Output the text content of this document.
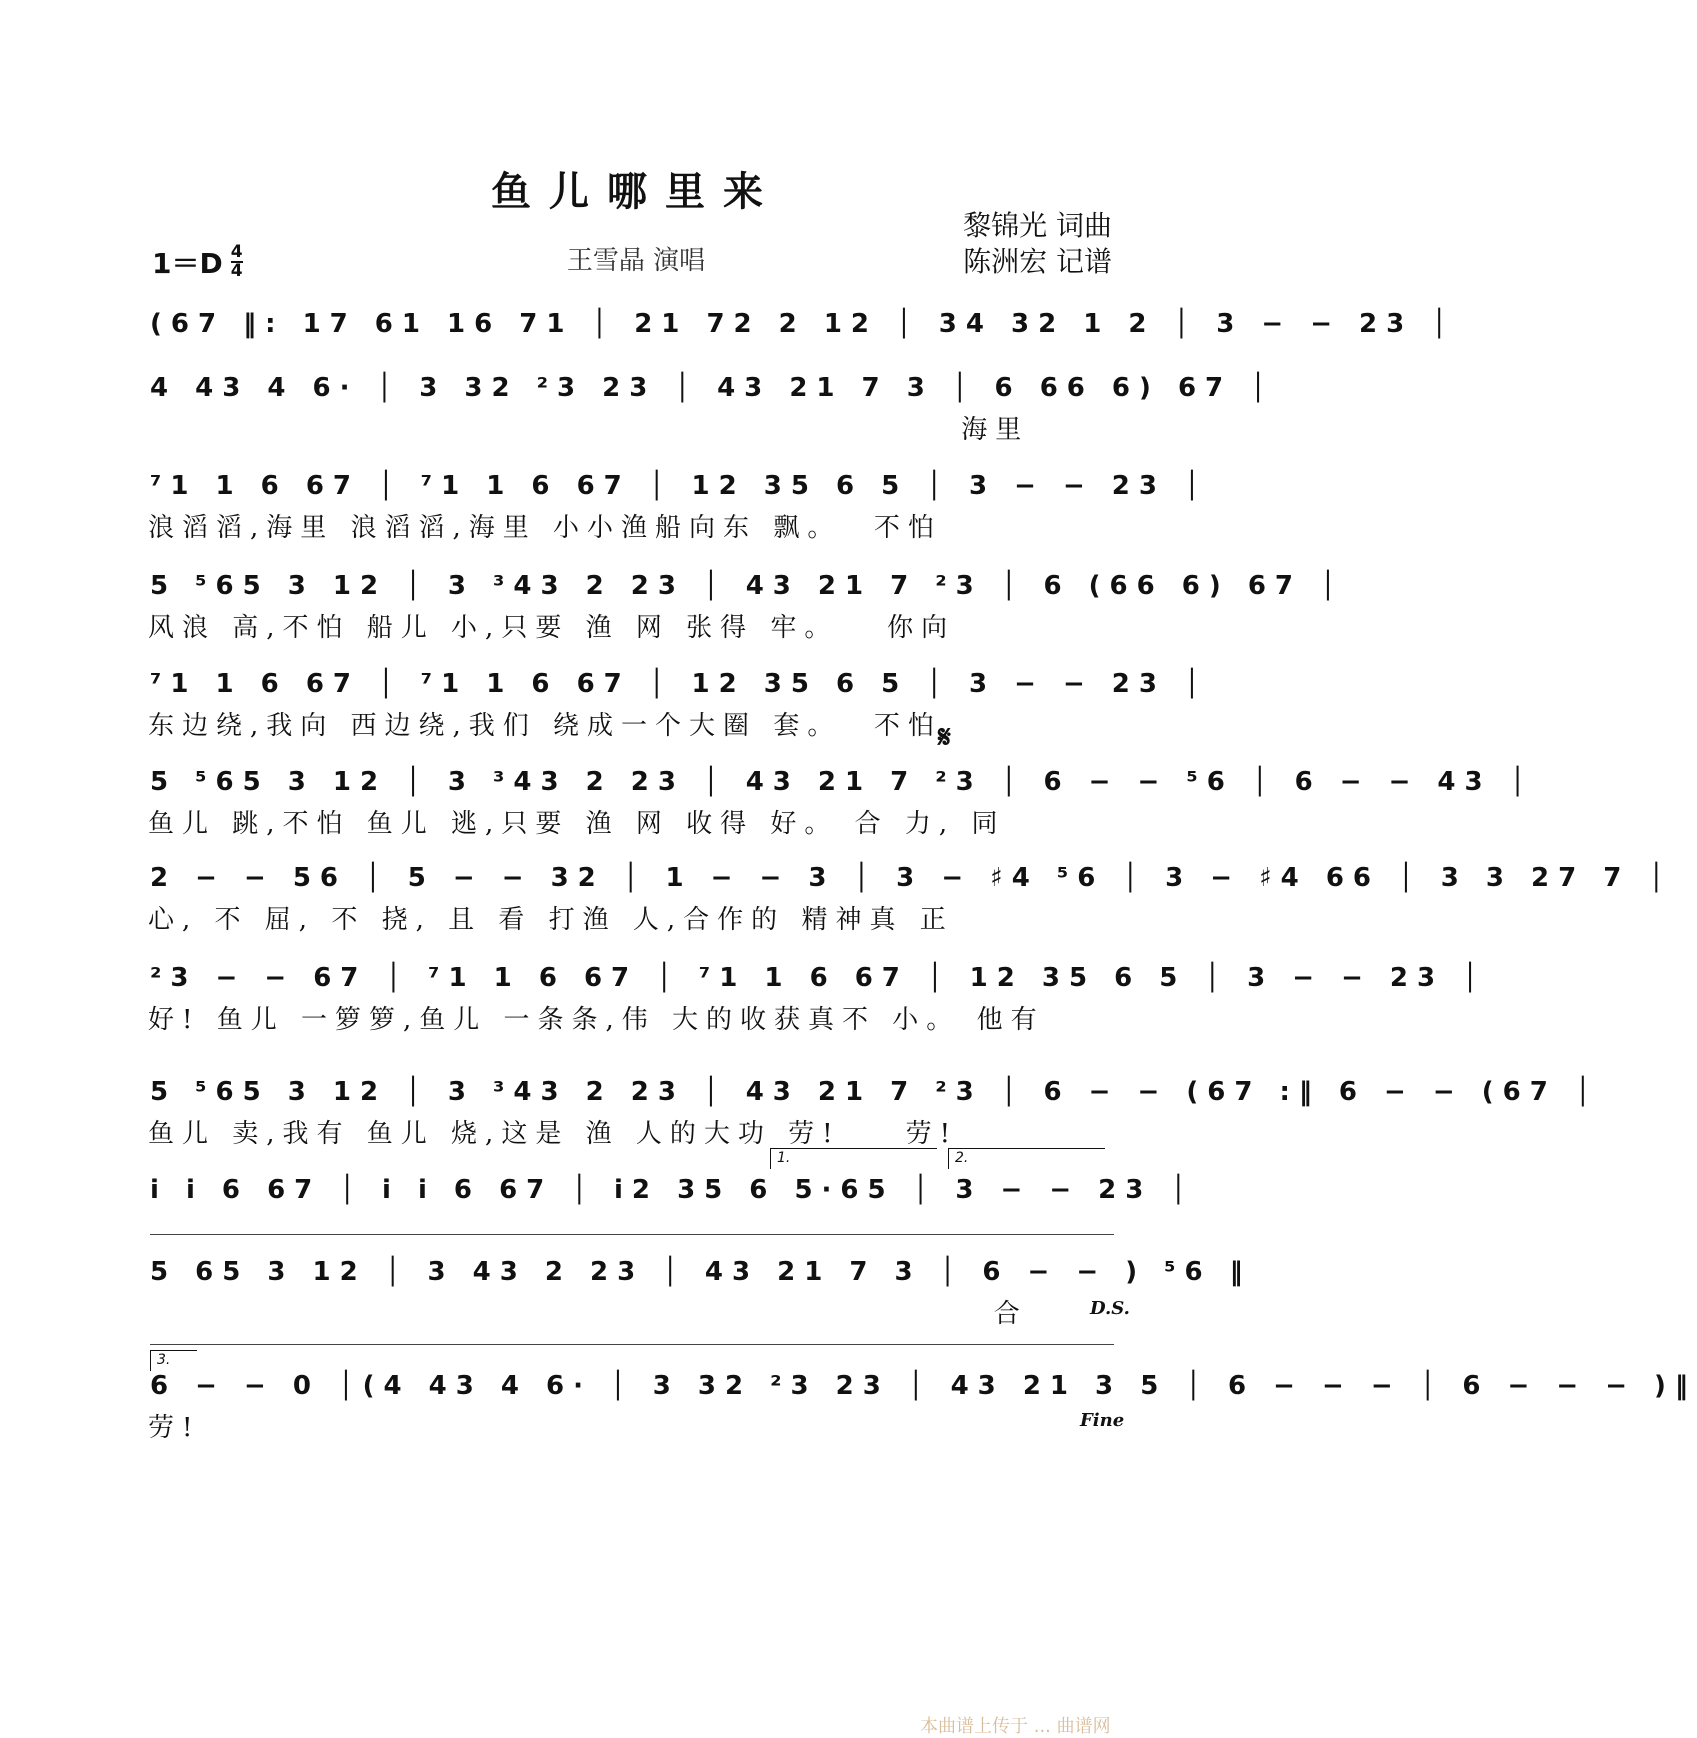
鱼儿哪里来
$1=D \frac{4}{4}$	王雪晶 演唱
黎锦光 词曲
陈洲宏 记谱
(67 ‖: 17 61 16 71 │ 21 72 2 12 │ 34 32 1 2 │ 3 − − 23 │
4 43 4 6· │ 3 32 ²3 23 │ 43 21 7 3 │ 6 66 6) 67 │
海里
⁷1 1 6 67 │ ⁷1 1 6 67 │ 12 35 6 5 │ 3 − − 23 │
浪滔滔,海里 浪滔滔,海里 小小渔船向东 飘。  不怕
5 ⁵65 3 12 │ 3 ³43 2 23 │ 43 21 7 ²3 │ 6 (66 6) 67 │
风浪 高,不怕 船儿 小,只要 渔 网 张得 牢。   你向
⁷1 1 6 67 │ ⁷1 1 6 67 │ 12 35 6 5 │ 3 − − 23 │
东边绕,我向 西边绕,我们 绕成一个大圈 套。  不怕
𝄋
5 ⁵65 3 12 │ 3 ³43 2 23 │ 43 21 7 ²3 │ 6 − − ⁵6 │ 6 − − 43 │
鱼儿 跳,不怕 鱼儿 逃,只要 渔 网 收得 好。 合 力, 同
2 − − 56 │ 5 − − 32 │ 1 − − 3 │ 3 − ♯4 ⁵6 │ 3 − ♯4 66 │ 3 3 27 7 │
心, 不 屈, 不 挠, 且 看 打渔 人,合作的 精神真 正
²3 − − 67 │ ⁷1 1 6 67 │ ⁷1 1 6 67 │ 12 35 6 5 │ 3 − − 23 │
好! 鱼儿 一箩箩,鱼儿 一条条,伟 大的收获真不 小。 他有
1.	2.
5 ⁵65 3 12 │ 3 ³43 2 23 │ 43 21 7 ²3 │ 6 − − (67 :‖ 6 − − (67 │
鱼儿 卖,我有 鱼儿 烧,这是 渔 人的大功 劳!    劳!
i i 6 67 │ i i 6 67 │ i2 35 6 5·65 │ 3 − − 23 │
5 65 3 12 │ 3 43 2 23 │ 43 21 7 3 │ 6 − − ) ⁵6 ‖
合	D.S.
3.
6 − − 0 │(4 43 4 6· │ 3 32 ²3 23 │ 43 21 3 5 │ 6 − − − │ 6 − − − )‖
劳!	Fine
本曲谱上传于 ... 曲谱网
